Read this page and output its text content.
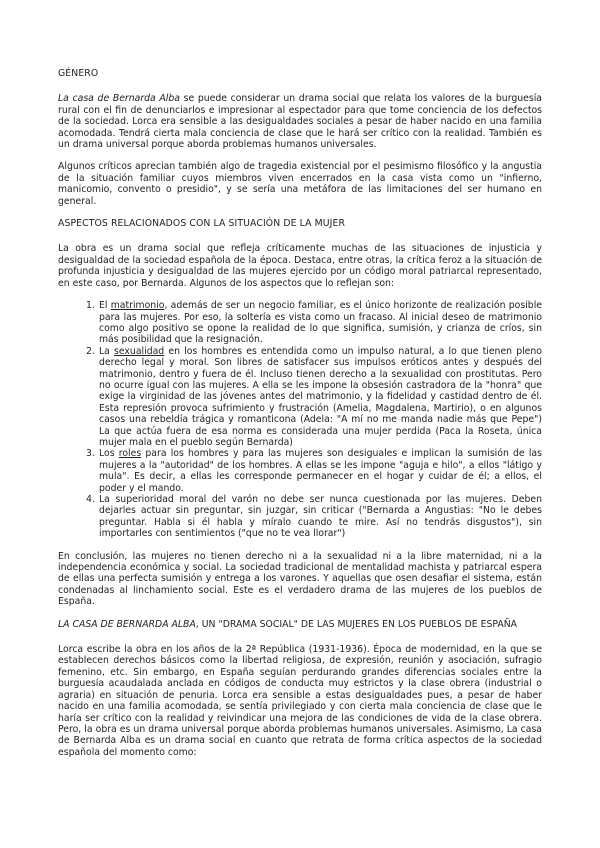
GÉNERO

La casa de Bernarda Alba se puede considerar un drama social que relata los valores de la burguesía rural con el fin de denunciarlos e impresionar al espectador para que tome conciencia de los defectos de la sociedad. Lorca era sensible a las desigualdades sociales a pesar de haber nacido en una familia acomodada. Tendrá cierta mala conciencia de clase que le hará ser crítico con la realidad. También es un drama universal porque aborda problemas humanos universales.

Algunos críticos aprecian también algo de tragedia existencial por el pesimismo filosófico y la angustia de la situación familiar cuyos miembros viven encerrados en la casa vista como un "infierno, manicomio, convento o presidio", y se sería una metáfora de las limitaciones del ser humano en general.

ASPECTOS RELACIONADOS CON LA SITUACIÓN DE LA MUJER

La obra es un drama social que refleja críticamente muchas de las situaciones de injusticia y desigualdad de la sociedad española de la época. Destaca, entre otras, la crítica feroz a la situación de profunda injusticia y desigualdad de las mujeres ejercido por un código moral patriarcal representado, en este caso, por Bernarda. Algunos de los aspectos que lo reflejan son:

1. El matrimonio, además de ser un negocio familiar, es el único horizonte de realización posible para las mujeres. Por eso, la soltería es vista como un fracaso. Al inicial deseo de matrimonio como algo positivo se opone la realidad de lo que significa, sumisión, y crianza de críos, sin más posibilidad que la resignación.
2. La sexualidad en los hombres es entendida como un impulso natural, a lo que tienen pleno derecho legal y moral. Son libres de satisfacer sus impulsos eróticos antes y después del matrimonio, dentro y fuera de él. Incluso tienen derecho a la sexualidad con prostitutas. Pero no ocurre igual con las mujeres. A ella se les impone la obsesión castradora de la "honra" que exige la virginidad de las jóvenes antes del matrimonio, y la fidelidad y castidad dentro de él. Esta represión provoca sufrimiento y frustración (Amelia, Magdalena, Martirio), o en algunos casos una rebeldía trágica y romanticona (Adela: "A mí no me manda nadie más que Pepe") La que actúa fuera de esa norma es considerada una mujer perdida (Paca la Roseta, única mujer mala en el pueblo según Bernarda)
3. Los roles para los hombres y para las mujeres son desiguales e implican la sumisión de las mujeres a la "autoridad" de los hombres. A ellas se les impone "aguja e hilo", a ellos "látigo y mula". Es decir, a ellas les corresponde permanecer en el hogar y cuidar de él; a ellos, el poder y el mando.
4. La superioridad moral del varón no debe ser nunca cuestionada por las mujeres. Deben dejarles actuar sin preguntar, sin juzgar, sin criticar ("Bernarda a Angustias: "No le debes preguntar. Habla si él habla y míralo cuando te mire. Así no tendrás disgustos"), sin importarles con sentimientos ("que no te vea llorar")

En conclusión, las mujeres no tienen derecho ni a la sexualidad ni a la libre maternidad, ni a la independencia económica y social. La sociedad tradicional de mentalidad machista y patriarcal espera de ellas una perfecta sumisión y entrega a los varones. Y aquellas que osen desafiar el sistema, están condenadas al linchamiento social. Este es el verdadero drama de las mujeres de los pueblos de España.

LA CASA DE BERNARDA ALBA, UN "DRAMA SOCIAL" DE LAS MUJERES EN LOS PUEBLOS DE ESPAÑA

Lorca escribe la obra en los años de la 2ª República (1931-1936). Época de modernidad, en la que se establecen derechos básicos como la libertad religiosa, de expresión, reunión y asociación, sufragio femenino, etc. Sin embargo, en España seguían perdurando grandes diferencias sociales entre la burguesía acaudalada anclada en códigos de conducta muy estrictos y la clase obrera (industrial o agraria) en situación de penuria. Lorca era sensible a estas desigualdades pues, a pesar de haber nacido en una familia acomodada, se sentía privilegiado y con cierta mala conciencia de clase que le haría ser crítico con la realidad y reivindicar una mejora de las condiciones de vida de la clase obrera. Pero, la obra es un drama universal porque aborda problemas humanos universales. Asimismo, La casa de Bernarda Alba es un drama social en cuanto que retrata de forma crítica aspectos de la sociedad española del momento como:
